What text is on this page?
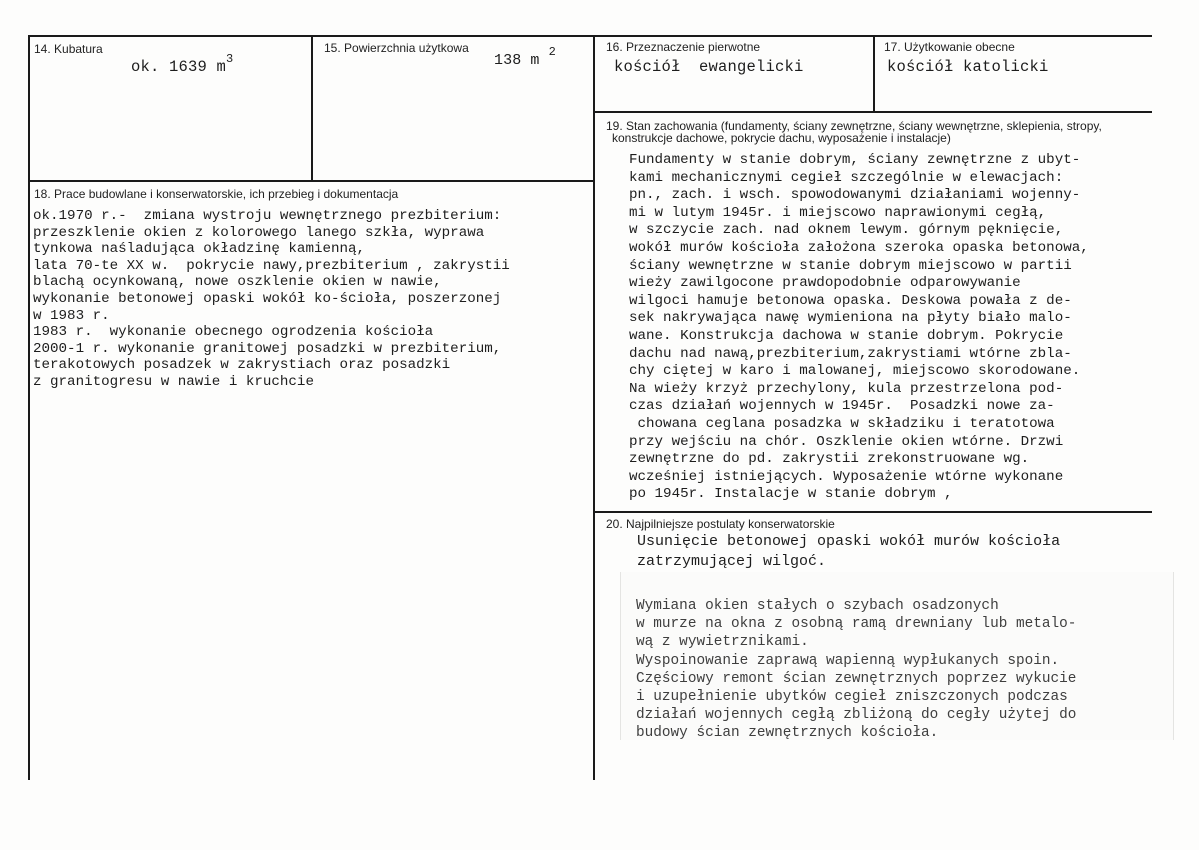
14. Kubatura
ok. 1639 $m^3$
15. Powierzchnia użytkowa
138 m $^2$	16. Przeznaczenie pierwotne
kościół ewangelicki
17. Użytkowanie obecne
kościół katolicki
18. Prace budowlane i konserwatorskie, ich przebieg i dokumentacja
ok.1970 r.-  zmiana wystroju wewnętrznego prezbiterium:
przeszklenie okien z kolorowego lanego szkła, wyprawa
tynkowa naśladująca okładzinę kamienną,
lata 70-te XX w.  pokrycie nawy,prezbiterium , zakrystii
blachą ocynkowaną, nowe oszklenie okien w nawie,
wykonanie betonowej opaski wokół ko-ścioła, poszerzonej
w 1983 r.
1983 r.  wykonanie obecnego ogrodzenia kościoła
2000-1 r. wykonanie granitowej posadzki w prezbiterium,
terakotowych posadzek w zakrystiach oraz posadzki
z granitogresu w nawie i kruchcie
19. Stan zachowania (fundamenty, ściany zewnętrzne, ściany wewnętrzne, sklepienia, stropy,
konstrukcje dachowe, pokrycie dachu, wyposażenie i instalacje)
Fundamenty w stanie dobrym, ściany zewnętrzne z ubyt-
kami mechanicznymi cegieł szczególnie w elewacjach:
pn., zach. i wsch. spowodowanymi działaniami wojenny-
mi w lutym 1945r. i miejscowo naprawionymi cegłą,
w szczycie zach. nad oknem lewym. górnym pęknięcie,
wokół murów kościoła założona szeroka opaska betonowa,
ściany wewnętrzne w stanie dobrym miejscowo w partii
wieży zawilgocone prawdopodobnie odparowywanie
wilgoci hamuje betonowa opaska. Deskowa powała z de-
sek nakrywająca nawę wymieniona na płyty biało malo-
wane. Konstrukcja dachowa w stanie dobrym. Pokrycie
dachu nad nawą,prezbiterium,zakrystiami wtórne zbla-
chy ciętej w karo i malowanej, miejscowo skorodowane.
Na wieży krzyż przechylony, kula przestrzelona pod-
czas działań wojennych w 1945r.  Posadzki nowe za-
chowana ceglana posadzka w składziku i teratotowa
przy wejściu na chór. Oszklenie okien wtórne. Drzwi
zewnętrzne do pd. zakrystii zrekonstruowane wg.
wcześniej istniejących. Wyposażenie wtórne wykonane
po 1945r. Instalacje w stanie dobrym ,
20. Najpilniejsze postulaty konserwatorskie
Usunięcie betonowej opaski wokół murów kościoła
zatrzymującej wilgoć.
Wymiana okien stałych o szybach osadzonych
w murze na okna z osobną ramą drewniany lub metalo-
wą z wywietrznikami.
Wyspoinowanie zaprawą wapienną wypłukanych spoin.
Częściowy remont ścian zewnętrznych poprzez wykucie
i uzupełnienie ubytków cegieł zniszczonych podczas
działań wojennych cegłą zbliżoną do cegły użytej do
budowy ścian zewnętrznych kościoła.
